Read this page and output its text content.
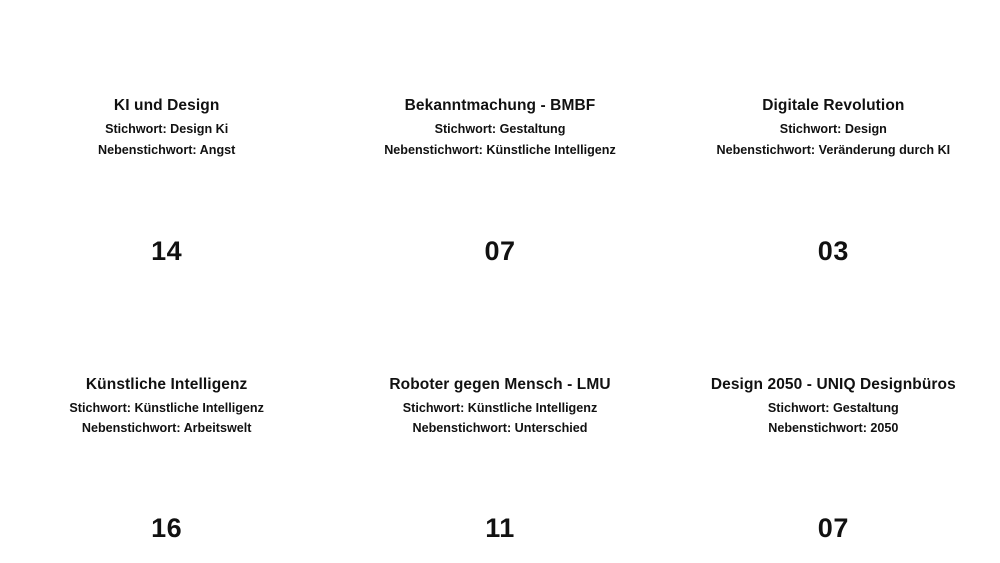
KI und Design
Stichwort: Design Ki
Nebenstichwort: Angst
14
Bekanntmachung - BMBF
Stichwort: Gestaltung
Nebenstichwort: Künstliche Intelligenz
07
Digitale Revolution
Stichwort: Design
Nebenstichwort: Veränderung durch KI
03
Künstliche Intelligenz
Stichwort: Künstliche Intelligenz
Nebenstichwort: Arbeitswelt
16
Roboter gegen Mensch - LMU
Stichwort: Künstliche Intelligenz
Nebenstichwort: Unterschied
11
Design 2050 - UNIQ Designbüros
Stichwort: Gestaltung
Nebenstichwort: 2050
07
